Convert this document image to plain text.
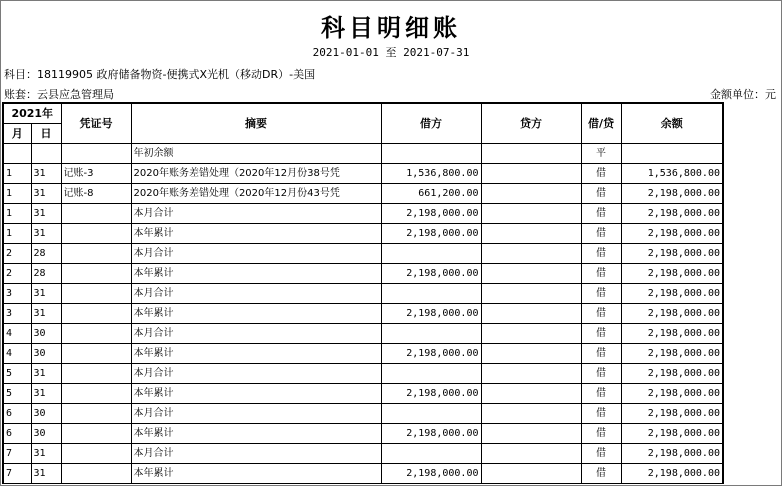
科目明细账
2021-01-01 至 2021-07-31
科目：18119905 政府储备物资-便携式X光机（移动DR）-美国
账套：云县应急管理局	金额单位：元
2021年		凭证号	摘要	借方	贷方	借/贷	余额
月	日						
			年初余额			平	
1	31	记账-3	2020年账务差错处理（2020年12月份38号凭	1,536,800.00		借	1,536,800.00
1	31	记账-8	2020年账务差错处理（2020年12月份43号凭	661,200.00		借	2,198,000.00
1	31		本月合计	2,198,000.00		借	2,198,000.00
1	31		本年累计	2,198,000.00		借	2,198,000.00
2	28		本月合计			借	2,198,000.00
2	28		本年累计	2,198,000.00		借	2,198,000.00
3	31		本月合计			借	2,198,000.00
3	31		本年累计	2,198,000.00		借	2,198,000.00
4	30		本月合计			借	2,198,000.00
4	30		本年累计	2,198,000.00		借	2,198,000.00
5	31		本月合计			借	2,198,000.00
5	31		本年累计	2,198,000.00		借	2,198,000.00
6	30		本月合计			借	2,198,000.00
6	30		本年累计	2,198,000.00		借	2,198,000.00
7	31		本月合计			借	2,198,000.00
7	31		本年累计	2,198,000.00		借	2,198,000.00
